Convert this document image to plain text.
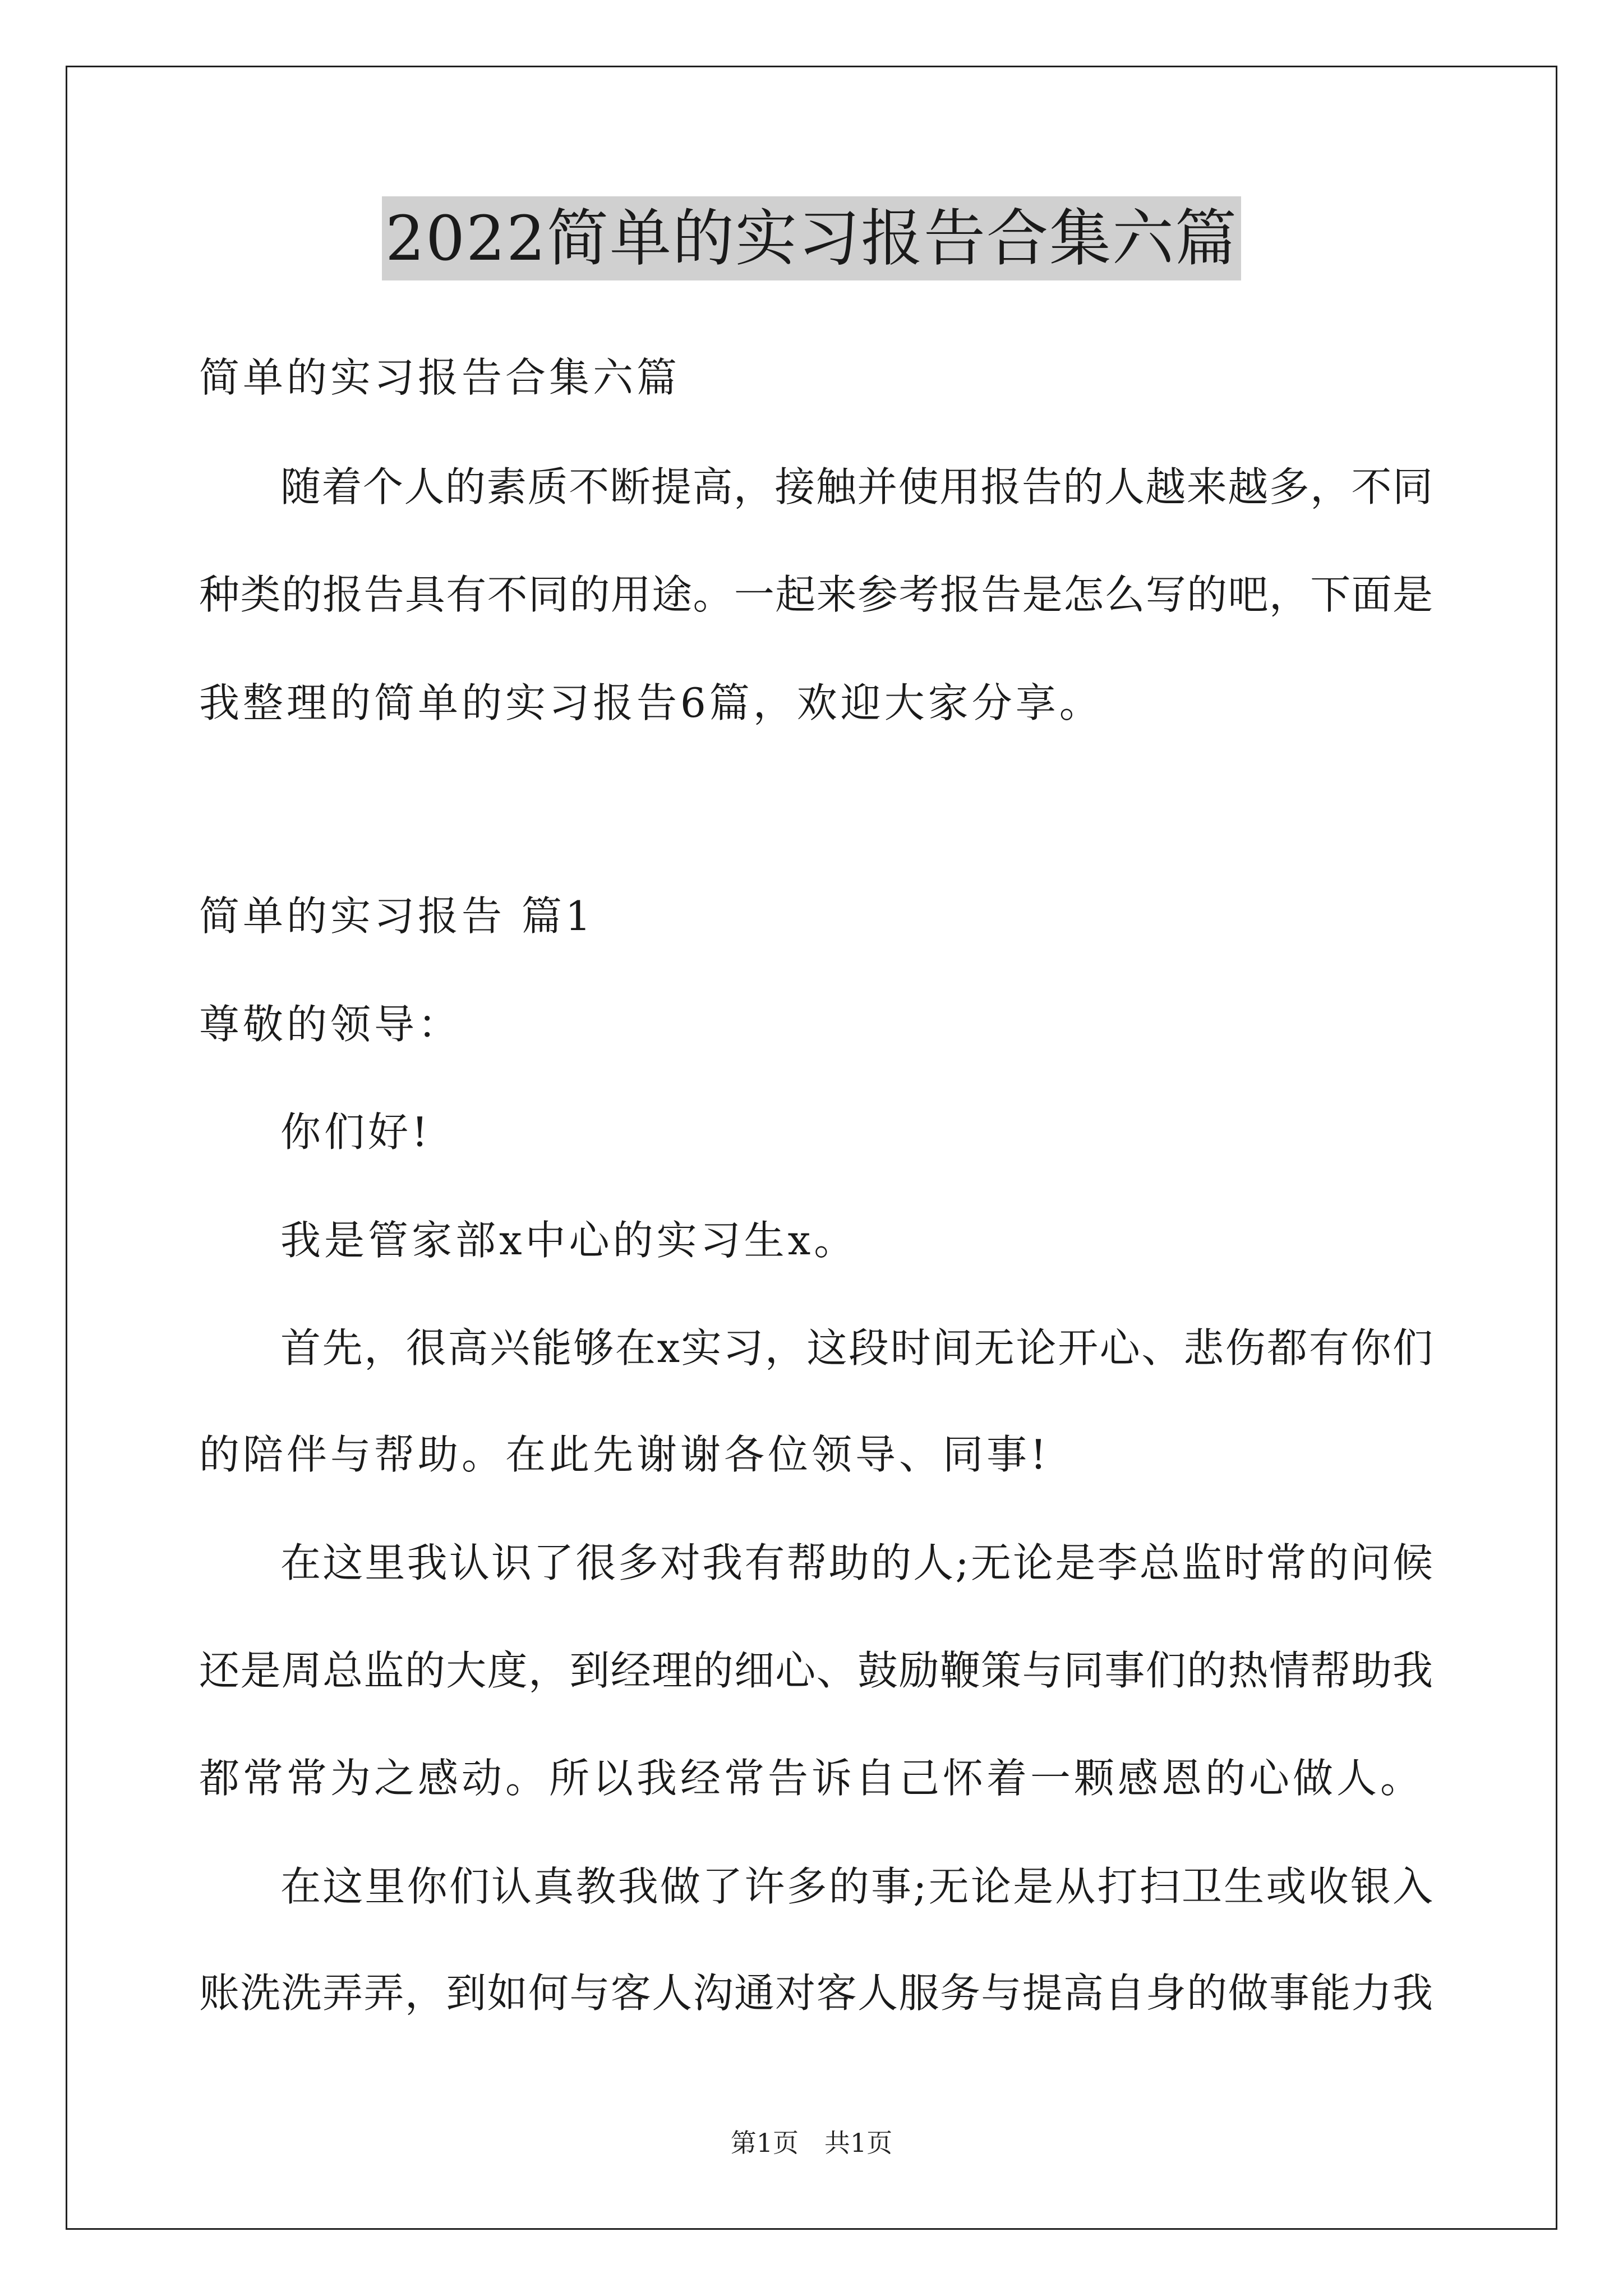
2022简单的实习报告合集六篇
简单的实习报告合集六篇
随着个人的素质不断提高，接触并使用报告的人越来越多，不同
种类的报告具有不同的用途。一起来参考报告是怎么写的吧，下面是
我整理的简单的实习报告6篇，欢迎大家分享。
简单的实习报告 篇1
尊敬的领导：
你们好!
我是管家部x中心的实习生x。
首先，很高兴能够在x实习，这段时间无论开心、悲伤都有你们
的陪伴与帮助。在此先谢谢各位领导、同事!
在这里我认识了很多对我有帮助的人;无论是李总监时常的问候
还是周总监的大度，到经理的细心、鼓励鞭策与同事们的热情帮助我
都常常为之感动。所以我经常告诉自己怀着一颗感恩的心做人。
在这里你们认真教我做了许多的事;无论是从打扫卫生或收银入
账洗洗弄弄，到如何与客人沟通对客人服务与提高自身的做事能力我
第1页　共1页
